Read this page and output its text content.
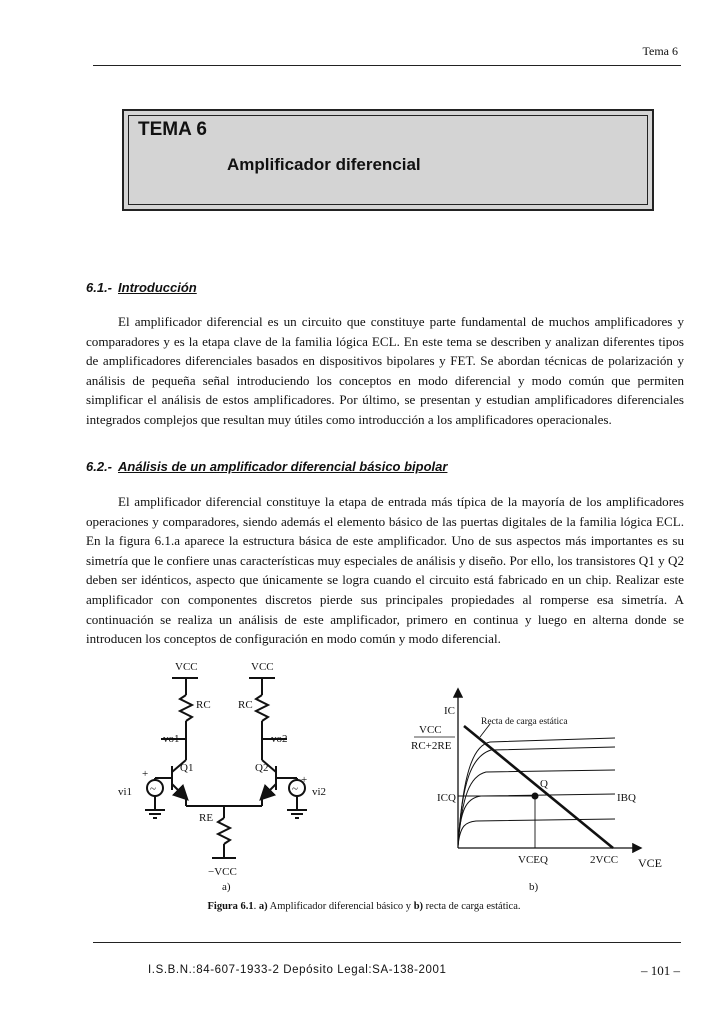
Tema 6
TEMA 6
Amplificador diferencial
6.1.- Introducción

El amplificador diferencial es un circuito que constituye parte fundamental de muchos amplificadores y comparadores y es la etapa clave de la familia lógica ECL. En este tema se describen y analizan diferentes tipos de amplificadores diferenciales basados en dispositivos bipolares y FET. Se abordan técnicas de polarización y análisis de pequeña señal introduciendo los conceptos en modo diferencial y modo común que permiten simplificar el análisis de estos amplificadores. Por último, se presentan y estudian amplificadores diferenciales integrados complejos que resultan muy útiles como introducción a los amplificadores operacionales.

6.2.- Análisis de un amplificador diferencial básico bipolar

El amplificador diferencial constituye la etapa de entrada más típica de la mayoría de los amplificadores operaciones y comparadores, siendo además el elemento básico de las puertas digitales de la familia lógica ECL. En la figura 6.1.a aparece la estructura básica de este amplificador. Uno de sus aspectos más importantes es su simetría que le confiere unas características muy especiales de análisis y diseño. Por ello, los transistores Q1 y Q2 deben ser idénticos, aspecto que únicamente se logra cuando el circuito está fabricado en un chip. Realizar este amplificador con componentes discretos pierde sus principales propiedades al romperse esa simetría. A continuación se realiza un análisis de este amplificador, primero en continua y luego en alterna donde se introducen los conceptos de configuración en modo común y modo diferencial.

VCC	VCC
RC RC
vo1	vo2
Q1	Q2
+
~
vi1
+
~ vi2
RE
−VCC
a)
IC
Recta de carga estática
VCC
RC+2RE
Q
ICQ	IBQ
VCEQ	2VCC VCE
b)
Figura 6.1. a) Amplificador diferencial básico y b) recta de carga estática.
I.S.B.N.:84-607-1933-2 Depósito Legal:SA-138-2001	– 101 –
